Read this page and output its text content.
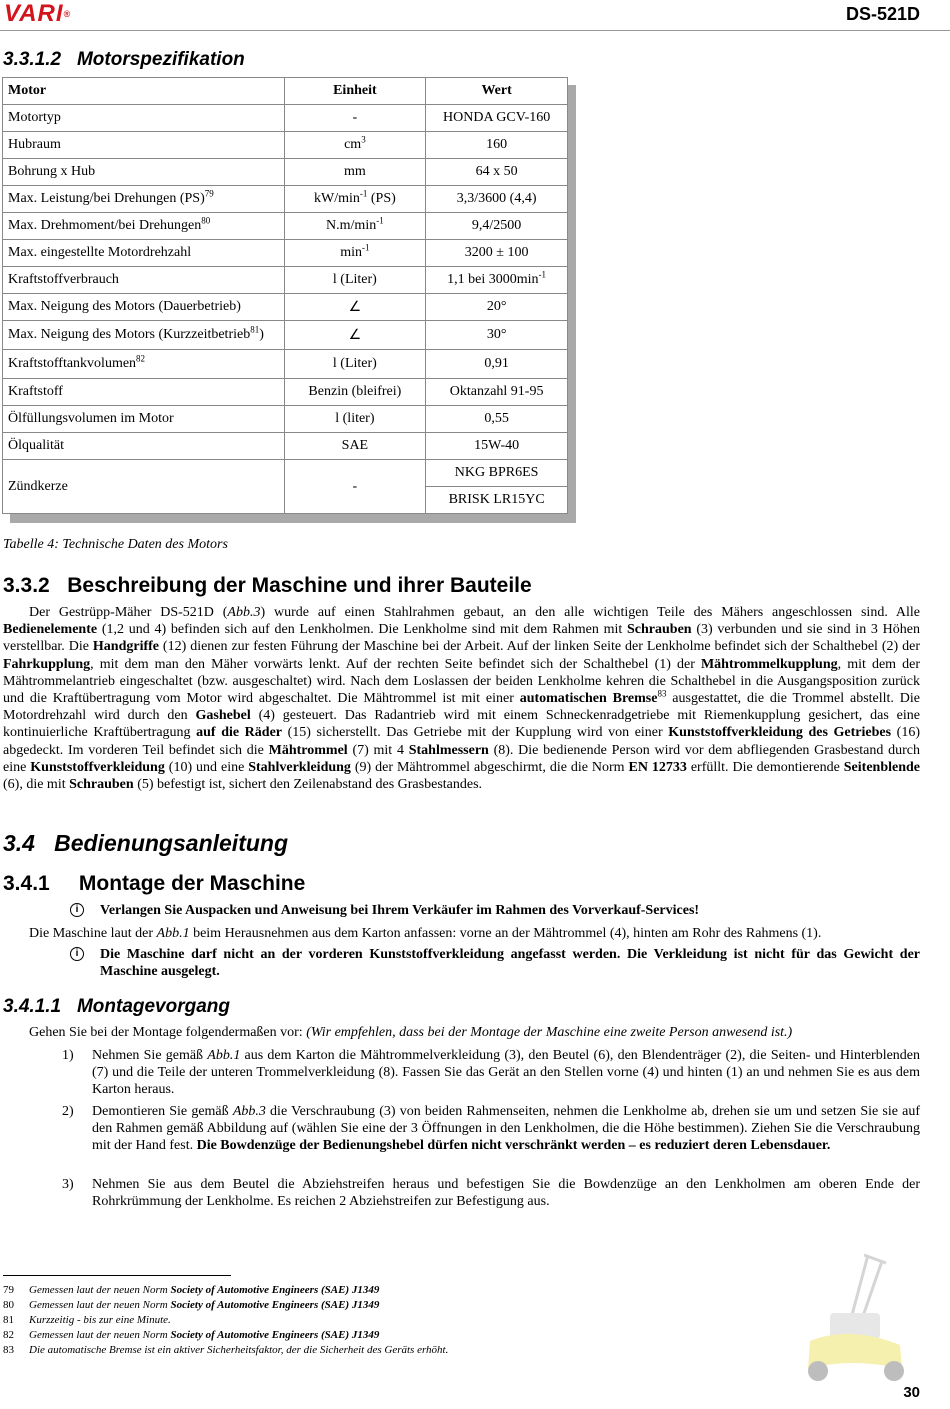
VARI®	DS-521D
3.3.1.2 Motorspezifikation
Motor	Einheit	Wert
Motortyp	-	HONDA GCV-160
Hubraum	$cm^3$	160
Bohrung x Hub	mm	64 x 50
Max. Leistung/bei Drehungen (PS)$^{79}$	$kW/\min^{-1}$ (PS)	3,3/3600 (4,4)
Max. Drehmoment/bei Drehungen$^{80}$	$N.m/\min^{-1}$	9,4/2500
Max. eingestellte Motordrehzahl	$\min^{-1}$	3200 ± 100
Kraftstoffverbrauch	l (Liter)	1,1 bei $3000\min^{-1}$
Max. Neigung des Motors (Dauerbetrieb)	∠	20°
Max. Neigung des Motors (Kurzzeitbetrieb$^{81}$)	∠	30°
Kraftstofftankvolumen$^{82}$	l (Liter)	0,91
Kraftstoff	Benzin (bleifrei)	Oktanzahl 91-95
Ölfüllungsvolumen im Motor	l (liter)	0,55
Ölqualität	SAE	15W-40
Zündkerze	-	NKG BPR6ES
		BRISK LR15YC
Tabelle 4: Technische Daten des Motors
3.3.2 Beschreibung der Maschine und ihrer Bauteile
Der Gestrüpp-Mäher DS-521D (Abb.3) wurde auf einen Stahlrahmen gebaut, an den alle wichtigen Teile des Mähers angeschlossen sind. Alle Bedienelemente (1,2 und 4) befinden sich auf den Lenkholmen. Die Lenkholme sind mit dem Rahmen mit Schrauben (3) verbunden und sie sind in 3 Höhen verstellbar. Die Handgriffe (12) dienen zur festen Führung der Maschine bei der Arbeit. Auf der linken Seite der Lenkholme befindet sich der Schalthebel (2) der Fahrkupplung, mit dem man den Mäher vorwärts lenkt. Auf der rechten Seite befindet sich der Schalthebel (1) der Mähtrommelkupplung, mit dem der Mähtrommelantrieb eingeschaltet (bzw. ausgeschaltet) wird. Nach dem Loslassen der beiden Lenkholme kehren die Schalthebel in die Ausgangsposition zurück und die Kraftübertragung vom Motor wird abgeschaltet. Die Mähtrommel ist mit einer automatischen Bremse$^{83}$ ausgestattet, die die Trommel abstellt. Die Motordrehzahl wird durch den Gashebel (4) gesteuert. Das Radantrieb wird mit einem Schneckenradgetriebe mit Riemenkupplung gesichert, das eine kontinuierliche Kraftübertragung auf die Räder (15) sicherstellt. Das Getriebe mit der Kupplung wird von einer Kunststoffverkleidung des Getriebes (16) abgedeckt. Im vorderen Teil befindet sich die Mähtrommel (7) mit 4 Stahlmessern (8). Die bedienende Person wird vor dem abfliegenden Grasbestand durch eine Kunststoffverkleidung (10) und eine Stahlverkleidung (9) der Mähtrommel abgeschirmt, die die Norm EN 12733 erfüllt. Die demontierende Seitenblende (6), die mit Schrauben (5) befestigt ist, sichert den Zeilenabstand des Grasbestandes.
3.4 Bedienungsanleitung
3.4.1 Montage der Maschine
i	Verlangen Sie Auspacken und Anweisung bei Ihrem Verkäufer im Rahmen des Vorverkauf-Services!
Die Maschine laut der Abb.1 beim Herausnehmen aus dem Karton anfassen: vorne an der Mähtrommel (4), hinten am Rohr des Rahmens (1).
i	Die Maschine darf nicht an der vorderen Kunststoffverkleidung angefasst werden. Die Verkleidung ist nicht für das Gewicht der Maschine ausgelegt.
3.4.1.1 Montagevorgang
Gehen Sie bei der Montage folgendermaßen vor: (Wir empfehlen, dass bei der Montage der Maschine eine zweite Person anwesend ist.)
1) Nehmen Sie gemäß Abb.1 aus dem Karton die Mähtrommelverkleidung (3), den Beutel (6), den Blendenträger (2), die Seiten- und Hinterblenden (7) und die Teile der unteren Trommelverkleidung (8). Fassen Sie das Gerät an den Stellen vorne (4) und hinten (1) an und nehmen Sie es aus dem Karton heraus.
2) Demontieren Sie gemäß Abb.3 die Verschraubung (3) von beiden Rahmenseiten, nehmen die Lenkholme ab, drehen sie um und setzen Sie sie auf den Rahmen gemäß Abbildung auf (wählen Sie eine der 3 Öffnungen in den Lenkholmen, die die Höhe bestimmen). Ziehen Sie die Verschraubung mit der Hand fest. Die Bowdenzüge der Bedienungshebel dürfen nicht verschränkt werden – es reduziert deren Lebensdauer.
3) Nehmen Sie aus dem Beutel die Abziehstreifen heraus und befestigen Sie die Bowdenzüge an den Lenkholmen am oberen Ende der Rohrkrümmung der Lenkholme. Es reichen 2 Abziehstreifen zur Befestigung aus.
79 Gemessen laut der neuen Norm Society of Automotive Engineers (SAE) J1349
80 Gemessen laut der neuen Norm Society of Automotive Engineers (SAE) J1349
81 Kurzzeitig - bis zur eine Minute.
82 Gemessen laut der neuen Norm Society of Automotive Engineers (SAE) J1349
83 Die automatische Bremse ist ein aktiver Sicherheitsfaktor, der die Sicherheit des Geräts erhöht.
30
